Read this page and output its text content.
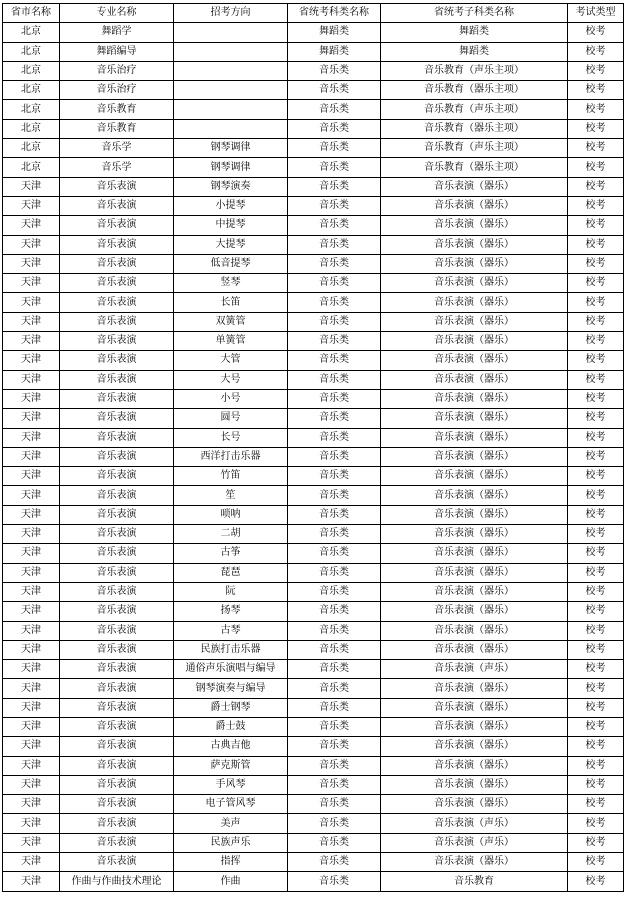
省市名称	专业名称	招考方向	省统考科类名称	省统考子科类名称	考试类型
北京	舞蹈学		舞蹈类	舞蹈类	校考
北京	舞蹈编导		舞蹈类	舞蹈类	校考
北京	音乐治疗		音乐类	音乐教育（声乐主项）	校考
北京	音乐治疗		音乐类	音乐教育（器乐主项）	校考
北京	音乐教育		音乐类	音乐教育（声乐主项）	校考
北京	音乐教育		音乐类	音乐教育（器乐主项）	校考
北京	音乐学	钢琴调律	音乐类	音乐教育（声乐主项）	校考
北京	音乐学	钢琴调律	音乐类	音乐教育（器乐主项）	校考
天津	音乐表演	钢琴演奏	音乐类	音乐表演（器乐）	校考
天津	音乐表演	小提琴	音乐类	音乐表演（器乐）	校考
天津	音乐表演	中提琴	音乐类	音乐表演（器乐）	校考
天津	音乐表演	大提琴	音乐类	音乐表演（器乐）	校考
天津	音乐表演	低音提琴	音乐类	音乐表演（器乐）	校考
天津	音乐表演	竖琴	音乐类	音乐表演（器乐）	校考
天津	音乐表演	长笛	音乐类	音乐表演（器乐）	校考
天津	音乐表演	双簧管	音乐类	音乐表演（器乐）	校考
天津	音乐表演	单簧管	音乐类	音乐表演（器乐）	校考
天津	音乐表演	大管	音乐类	音乐表演（器乐）	校考
天津	音乐表演	大号	音乐类	音乐表演（器乐）	校考
天津	音乐表演	小号	音乐类	音乐表演（器乐）	校考
天津	音乐表演	圆号	音乐类	音乐表演（器乐）	校考
天津	音乐表演	长号	音乐类	音乐表演（器乐）	校考
天津	音乐表演	西洋打击乐器	音乐类	音乐表演（器乐）	校考
天津	音乐表演	竹笛	音乐类	音乐表演（器乐）	校考
天津	音乐表演	笙	音乐类	音乐表演（器乐）	校考
天津	音乐表演	唢呐	音乐类	音乐表演（器乐）	校考
天津	音乐表演	二胡	音乐类	音乐表演（器乐）	校考
天津	音乐表演	古筝	音乐类	音乐表演（器乐）	校考
天津	音乐表演	琵琶	音乐类	音乐表演（器乐）	校考
天津	音乐表演	阮	音乐类	音乐表演（器乐）	校考
天津	音乐表演	扬琴	音乐类	音乐表演（器乐）	校考
天津	音乐表演	古琴	音乐类	音乐表演（器乐）	校考
天津	音乐表演	民族打击乐器	音乐类	音乐表演（器乐）	校考
天津	音乐表演	通俗声乐演唱与编导	音乐类	音乐表演（声乐）	校考
天津	音乐表演	钢琴演奏与编导	音乐类	音乐表演（器乐）	校考
天津	音乐表演	爵士钢琴	音乐类	音乐表演（器乐）	校考
天津	音乐表演	爵士鼓	音乐类	音乐表演（器乐）	校考
天津	音乐表演	古典吉他	音乐类	音乐表演（器乐）	校考
天津	音乐表演	萨克斯管	音乐类	音乐表演（器乐）	校考
天津	音乐表演	手风琴	音乐类	音乐表演（器乐）	校考
天津	音乐表演	电子管风琴	音乐类	音乐表演（器乐）	校考
天津	音乐表演	美声	音乐类	音乐表演（声乐）	校考
天津	音乐表演	民族声乐	音乐类	音乐表演（声乐）	校考
天津	音乐表演	指挥	音乐类	音乐表演（器乐）	校考
天津	作曲与作曲技术理论	作曲	音乐类	音乐教育	校考
